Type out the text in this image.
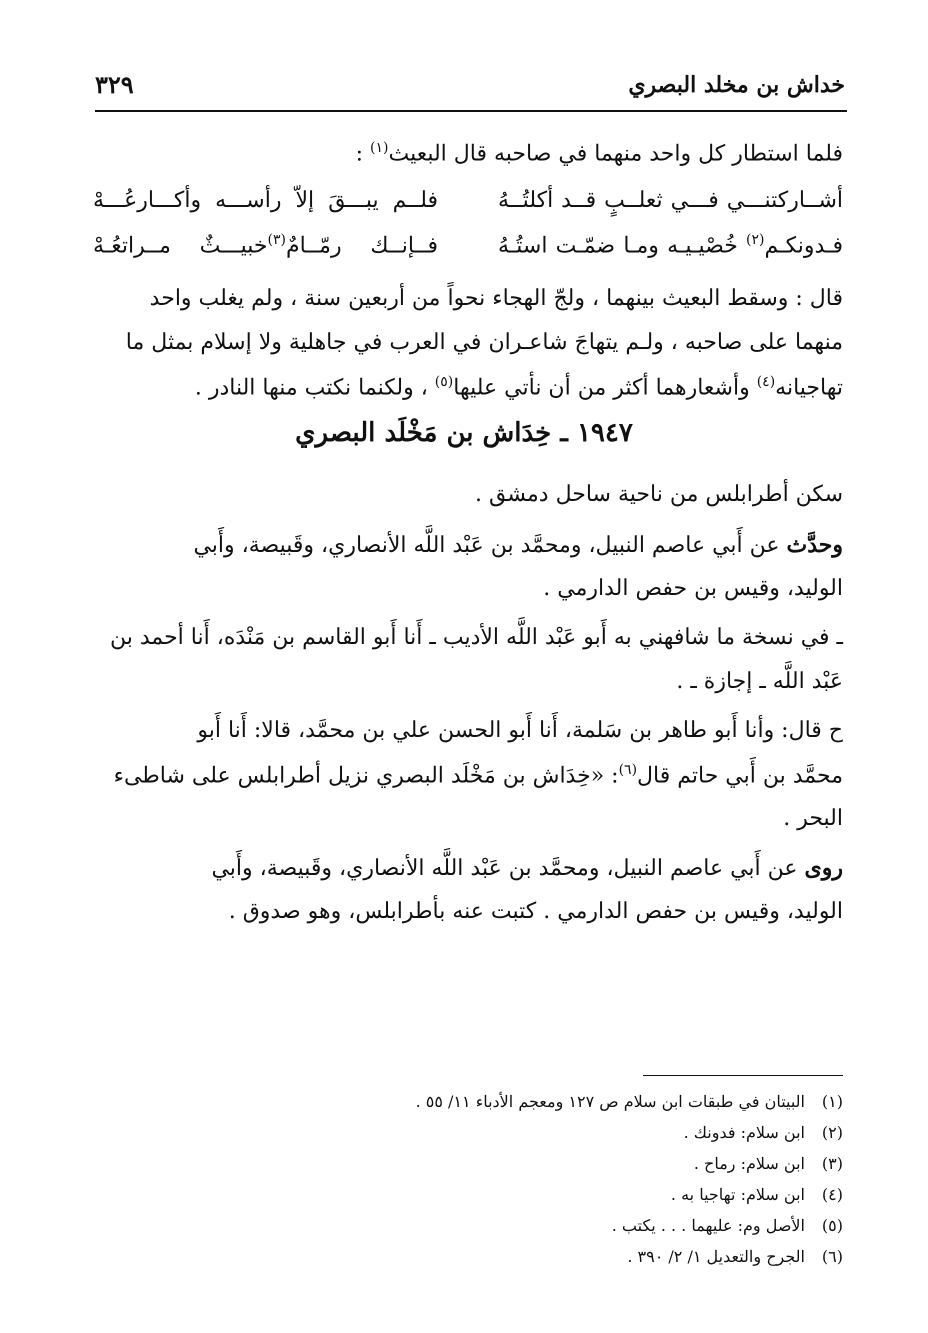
خداش بن مخلد البصري
٣٢٩
فلما استطار كل واحد منهما في صاحبه قال البعيث$^{(١)}$ :
أشــاركتنـــي فـــي ثعلــبٍ قــد أكلتُــهُ
فلــم يبـــقَ إلاّ رأســـه وأكـــارعُـــهْ
فـدونكـم$^{(٢)}$ خُصْيـيـه ومـا ضمّـت استُـهُ
فــإنــك رمّــامٌ$^{(٣)}$خبيـــثٌ مــراتعُـهْ
قال : وسقط البعيث بينهما ، ولجّ الهجاء نحواً من أربعين سنة ، ولم يغلب واحد
منهما على صاحبه ، ولـم يتهاجَ شاعـران في العرب في جاهلية ولا إسلام بمثل ما
تهاجيانه$^{(٤)}$ وأشعارهما أكثر من أن نأتي عليها$^{(٥)}$ ، ولكنما نكتب منها النادر .
١٩٤٧ ـ خِدَاش بن مَخْلَد البصري
سكن أطرابلس من ناحية ساحل دمشق .
وحدَّث عن أَبي عاصم النبيل، ومحمَّد بن عَبْد اللَّه الأنصاري، وقَبيصة، وأَبي
الوليد، وقيس بن حفص الدارمي .
ـ في نسخة ما شافهني به أَبو عَبْد اللَّه الأديب ـ أَنا أَبو القاسم بن مَنْدَه، أَنا أحمد بن
عَبْد اللَّه ـ إجازة ـ .
ح قال: وأنا أَبو طاهر بن سَلمة، أَنا أَبو الحسن علي بن محمَّد، قالا: أَنا أَبو
محمَّد بن أَبي حاتم قال$^{(٦)}$: «خِدَاش بن مَخْلَد البصري نزيل أطرابلس على شاطىء
البحر .
روى عن أَبي عاصم النبيل، ومحمَّد بن عَبْد اللَّه الأنصاري، وقَبيصة، وأَبي
الوليد، وقيس بن حفص الدارمي . كتبت عنه بأطرابلس، وهو صدوق .
(١)البيتان في طبقات ابن سلام ص ١٢٧ ومعجم الأدباء ١١/ ٥٥ .
(٢)ابن سلام: فدونك .
(٣)ابن سلام: رماح .
(٤)ابن سلام: تهاجيا به .
(٥)الأصل وم: عليهما . . . يكتب .
(٦)الجرح والتعديل ١/ ٢/ ٣٩٠ .
